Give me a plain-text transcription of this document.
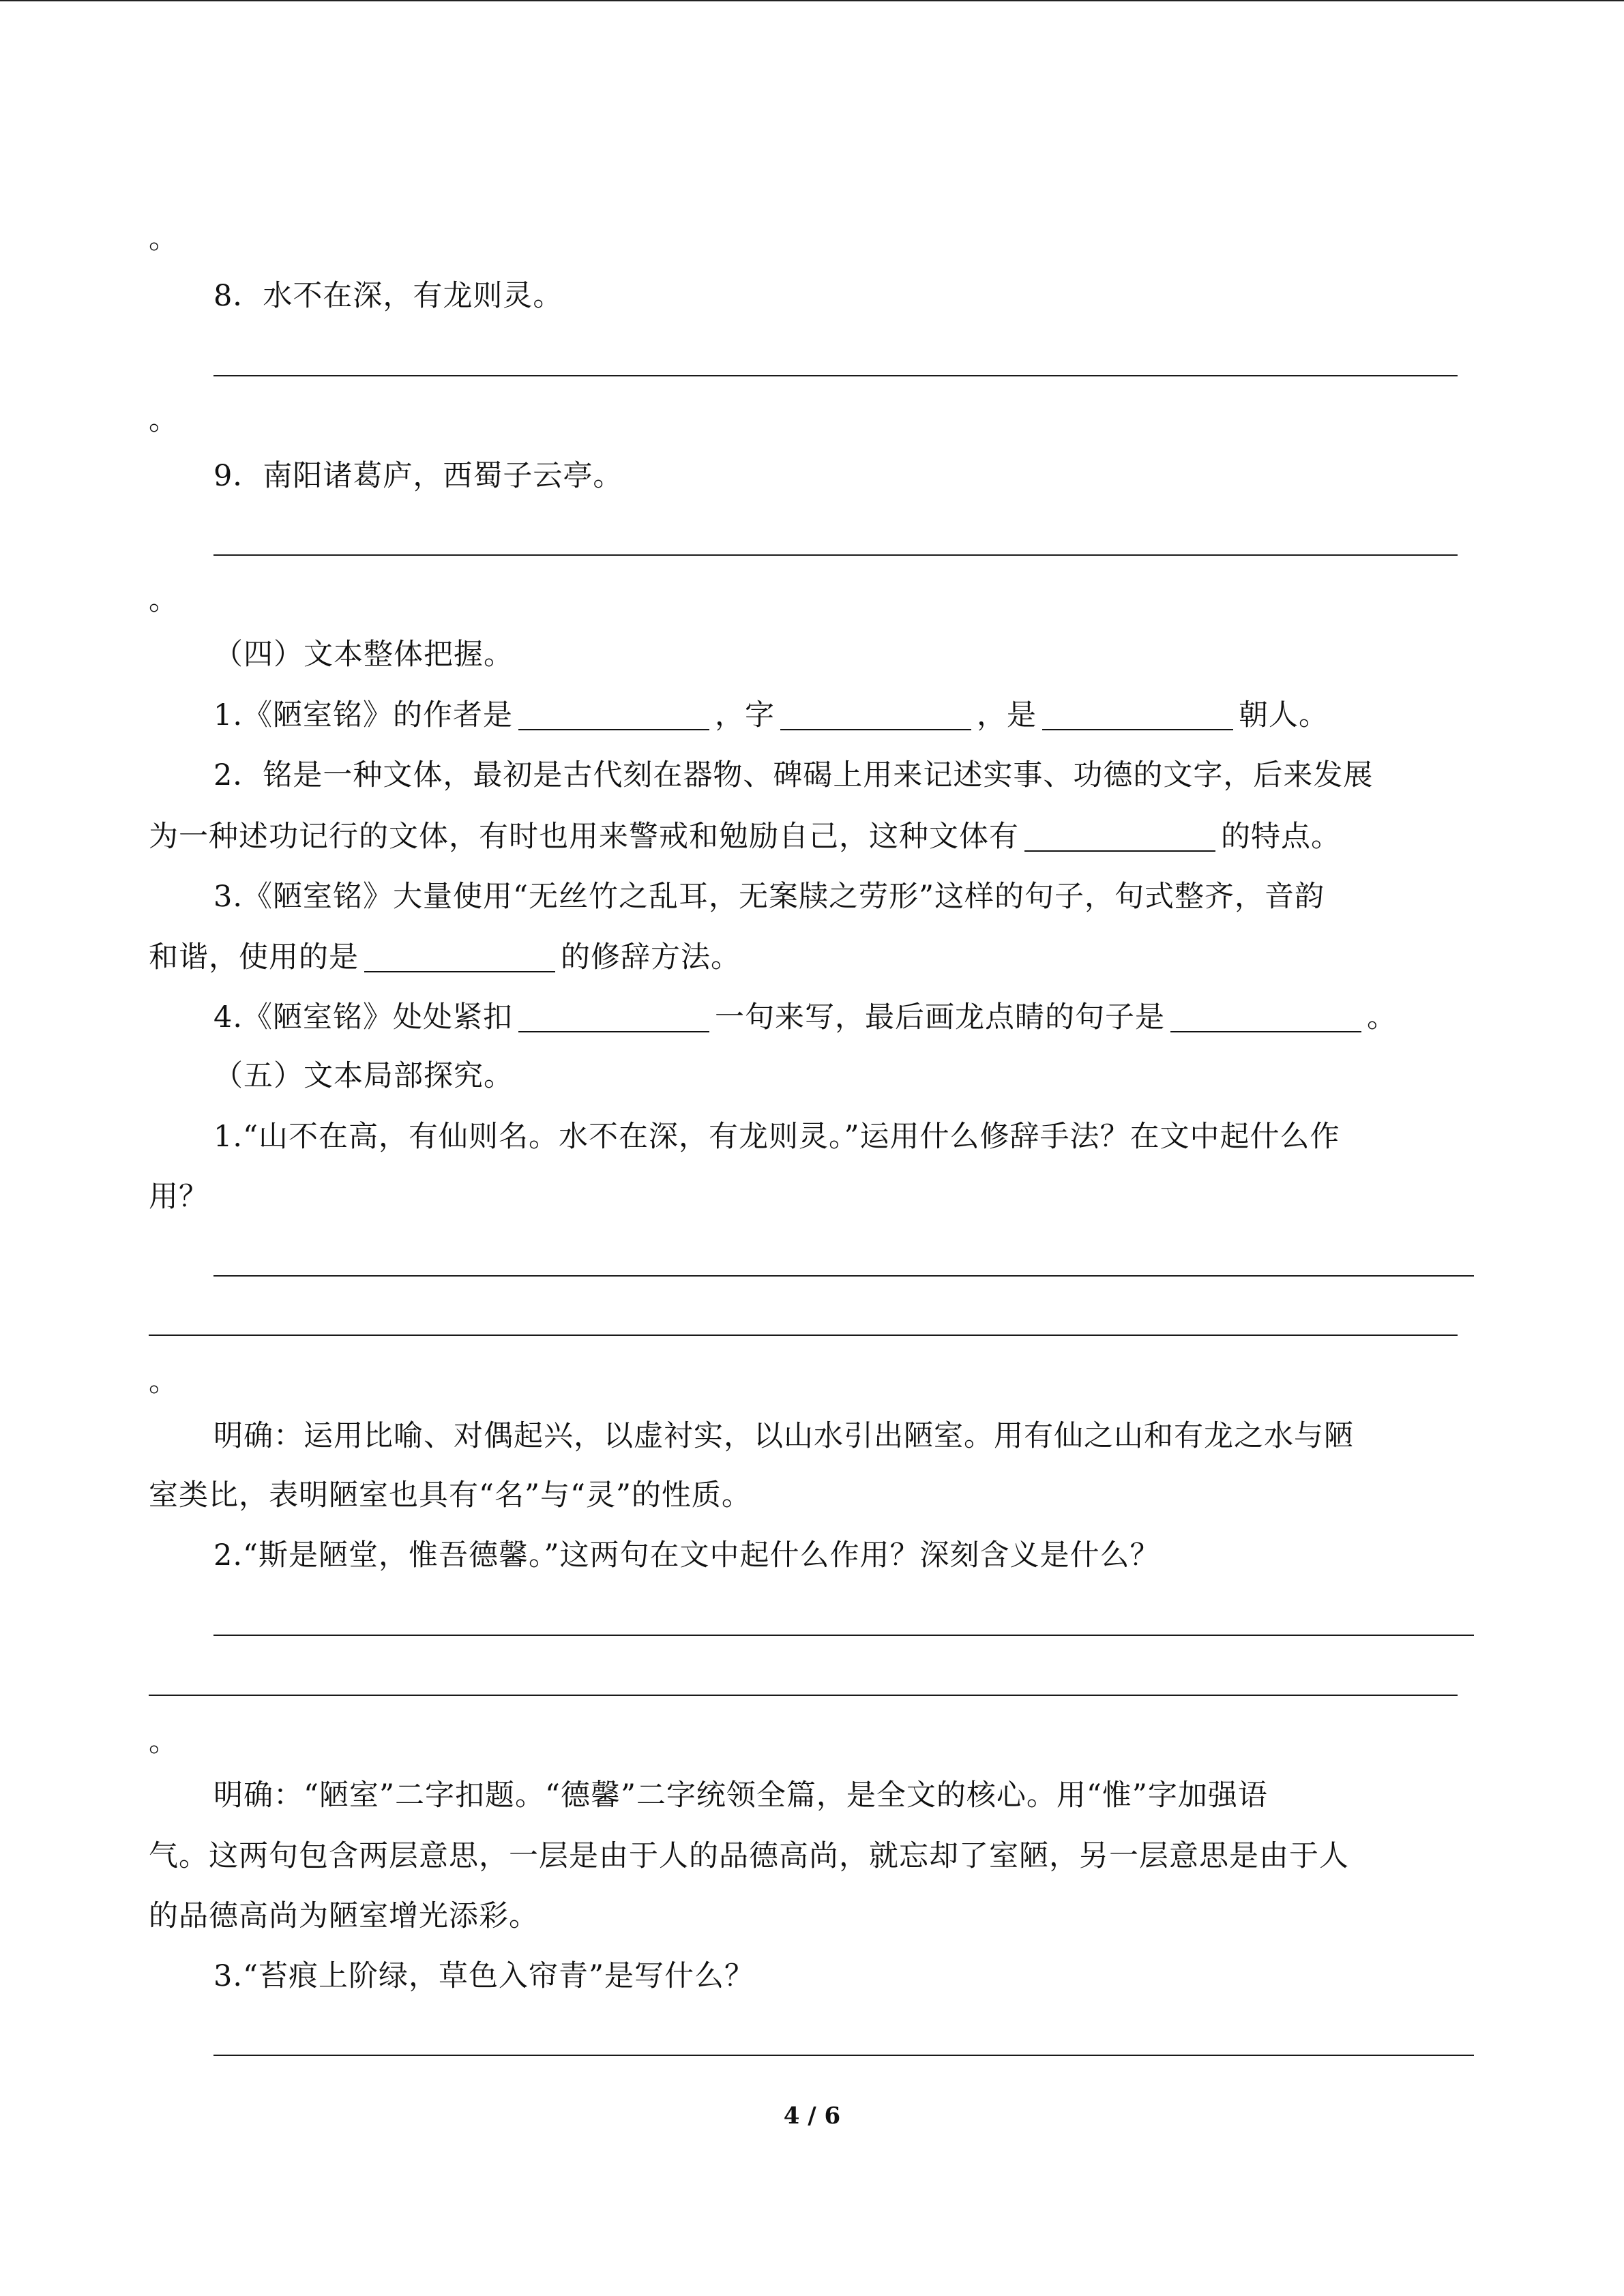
。
8．水不在深，有龙则灵。
。
9．南阳诸葛庐，西蜀子云亭。
。
（四）文本整体把握。
1.《陋室铭》的作者是	，字	，是	朝人。
2．铭是一种文体，最初是古代刻在器物、碑碣上用来记述实事、功德的文字，后来发展
为一种述功记行的文体，有时也用来警戒和勉励自己，这种文体有	的特点。
3.《陋室铭》大量使用“无丝竹之乱耳，无案牍之劳形”这样的句子，句式整齐，音韵
和谐，使用的是	的修辞方法。
4.《陋室铭》处处紧扣	一句来写，最后画龙点睛的句子是	。
（五）文本局部探究。
1.“山不在高，有仙则名。水不在深，有龙则灵。”运用什么修辞手法？在文中起什么作
用？
。
明确：运用比喻、对偶起兴，以虚衬实，以山水引出陋室。用有仙之山和有龙之水与陋
室类比，表明陋室也具有“名”与“灵”的性质。
2.“斯是陋堂，惟吾德馨。”这两句在文中起什么作用？深刻含义是什么？
。
明确：“陋室”二字扣题。“德馨”二字统领全篇，是全文的核心。用“惟”字加强语
气。这两句包含两层意思，一层是由于人的品德高尚，就忘却了室陋，另一层意思是由于人
的品德高尚为陋室增光添彩。
3.“苔痕上阶绿，草色入帘青”是写什么？
4 / 6
